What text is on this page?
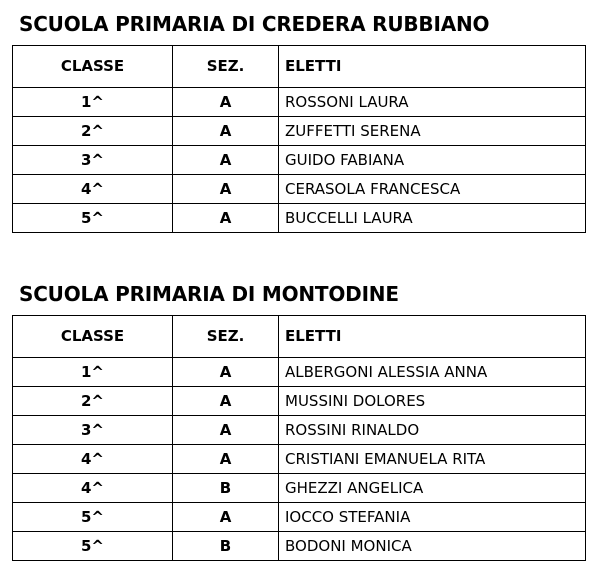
SCUOLA PRIMARIA DI CREDERA RUBBIANO
CLASSE	SEZ.	ELETTI
1^	A	ROSSONI LAURA
2^	A	ZUFFETTI SERENA
3^	A	GUIDO FABIANA
4^	A	CERASOLA FRANCESCA
5^	A	BUCCELLI LAURA
SCUOLA PRIMARIA DI MONTODINE
CLASSE	SEZ.	ELETTI
1^	A	ALBERGONI ALESSIA ANNA
2^	A	MUSSINI DOLORES
3^	A	ROSSINI RINALDO
4^	A	CRISTIANI EMANUELA RITA
4^	B	GHEZZI ANGELICA
5^	A	IOCCO STEFANIA
5^	B	BODONI MONICA
